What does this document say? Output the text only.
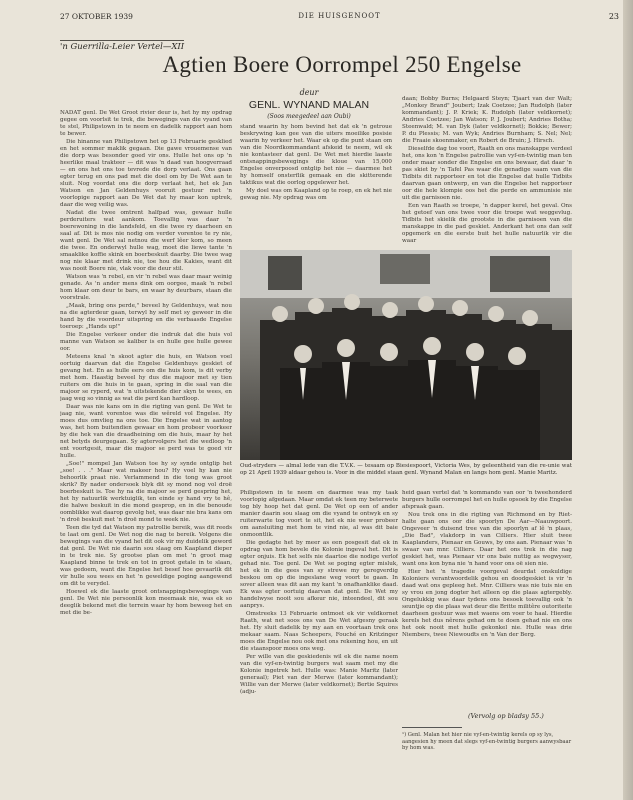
27 OKTOBER 1939	DIE HUISGENOOT	23
'n Guerrilla-Leier Vertel—XII
Agtien Boere Oorrompel 250 Engelse
deur
GENL. WYNAND MALAN
(Soos meegedeel aan Oubi)

NADAT genl. De Wet Groot rivier deur is, het hy my opdrag gegee om voorlsit te trek, die bewegings van die vyand van te stel, Philipstown in te neem en dadelik rapport aan hom te bewer.

Die hinanne van Philipstown het op 13 Februarie gesklied en het sommer maklik gegaan. Die gawe vrouemense van die dorp was besonder goed vir ons. Hulle het ons op 'n heerlike maal trakteer — dit was 'n daad van hoogverraad — en ons het ons toe tevrede die dorp verlaat. Ons gaan egter terug en ons pad met die doel om by De Wet aan te sluit. Nog voordat ons die dorp verlaat het, het ek Jan Watson en Jan Geldenhuys vooruit gestuur met 'n voorlopige rapport aan De Wet dat hy maar kon uptrek, daar die weg veilig was.

Nadat die twee omtrent halfpad was, gewaar hulle perderuiters wat aankom. Toevallig was daar 'n boerewoning in die landsfeld, en die twee ry daarheen en saal af. Dit is mos nie nodig om verder vorentoe te ry nie, want genl. De Wet sal netnou die werf lêer kom, so meen die twee. En onderwyl hulle wag, moet die liewe tante 'n smaaklike koffie skink en boerbeskuit daarby. Die twee wag nog nie klaar met drink nie, toe hou die Kakies, want dit was nooit Boere nie, vlak voor die deur stil.

Watson was 'n rebel, en vir 'n rebel was daar maar weinig genade. As 'n ander mens dink om oorgee, maak 'n rebel hom klaar om deur te bars, en waar hy deurbars, staan die voorstrale.

„Maak, bring ons perde," beveel hy Geldenhuys, wat nou na die agterdeur gaan, terwyl hy self met sy geweer in die hand by die voordeur uitspring en die verbaasde Engelse toeroep: „Hands up!"

Die Engelse verkeer onder die indruk dat die huis vol manne van Watson se kaliber is en hulle gee hulle gewee oor.

Meteens knal 'n skoot agter die huis, en Watson voel oortuig daarvan dat die Engelse Geldenhuys geskiet of gevang het. En as hulle eers om die huis kom, is dit verby met hom. Haastig beveel hy dus die majoor met sy tien ruiters om die huis in te gaan, spring in die saal van die majoor se ryperd, wat 'n uitstekende dier skyn te wees, en jaag weg so vinnig as wat die perd kan hardloop.

Daar was nie kans om in die rigting van genl. De Wet te jaag nie, want vorentoe was die wêreld vol Engelse. Hy moes dus omvlieg na ons toe. Die Engelse wat in aantog was, het hom buitendien gewaar en hom probeer voorkeer by die hek van die draadheining om die huis, maar hy het net betyds deurgegaan. Sy agtervolgers het die wedloop 'n ent voortgesit, maar die majoor se perd was te goed vir hulle.

„Soe!" mompel Jan Watson toe hy sy synde ontglip het „soe! . . ." Maar wat makeer hou? Hy voel hy kan nie behoorlik praat nie. Verlammend in die tong was groot skrik? By nader ondersoek blyk dit sy mond nog vol droë boerbeskuit is. Toe hy na die majoor se perd gespring het, het hy natuurlik werktuiglik, ten einde sy hand vry te hê, die halwe beskuit in die mond gesprop, en in die benoude oomblikke wat daarop gevolg het, was daar nie bra kans om 'n droë beskuit met 'n droë mond te week nie.

Teen die tyd dat Watson my patrollie bereik, was dit reeds te laat om genl. De Wet nog die nag te bereik. Volgens die bewegings van die vyand het dit ook vir my duidelik geword dat genl. De Wet nie daarin sou slaag om Kaapland dieper in te trek nie. Sy grootse plan om met 'n groot mag Kaapland binne te trek en tot in groot getale in te slaan, was gedoem, want die Engelse het besef hoe gevaarlik dit vir hulle sou wees en het 'n geweldige poging aangewend om dit te verydel.

Hoewel ek die laaste groot ontsnappingsbewegings van genl. De Wet nie persoonlik kon meemaak nie, was ek so deeglik bekend met die terrein waar hy hom beweeg het en met die be-

stand waarin hy hom bevind het dat ek 'n getroue beskrywing kan gee van die uiters moeilike posisie waarin hy verkeer het. Waar ek op die punt staan om van die Noordkommandant afskeid te neem, wil ek nie kontasteer dat genl. De Wet met hierdie laaste ontsnappingsbewegings die kloue van 15,000 Engelse onverpoosd ontglip het nie — daarmee het hy homself onsterflik gemaak en die skitterende taktikus wat die oorlog opgelewer het.

My doel was om Kaapland op te roep, en ek het nie gewag nie. My opdrag was om

daan; Bobby Burns; Helgaard Steyn; Tjaart van der Walt; „Monkey Brand" Joubert; Izak Coetzee; Jan Rudolph (later kommandant); J. P. Kriek; K. Rudolph (later veldkornet); Andries Coetzee; Jan Watson; P. J. Joubert; Andries Botha; Steenwald; M. van Dyk (later veldkornet); Bokkie; Bewer; P. du Plessis; M. van Wyk; Andries Burnham; S. Nel; Nel; die Fraaie skoenmaker, en Robert de Bruin; J. Hirsch.

Dieselfde dag toe voort, Raath en ons manskappe verdeel het, ons kon 'n Engelse patrollie van vyf-en-twintig man ten onder maar sonder die Engelse en ons bewaar, dat daar 'n pas skiet by 'n Tafel Pas waar die genadige saam van die Tidbits dit rapporteer en tot die Engelse dat hulle Tidbits daarvan gaan ontwerp, en van die Engelse het rapporteer oor die hele klompie oos het die perde en ammunisie nie uit die garnisoen nie.

Een van Raath se troepe, 'n dapper kerel, het geval. Ons het getoef van ons twee voor die troepe wat weggevlug. Tidbits het skielik die grootste in die garnisoen van die manskappe in die pad geskiet. Anderkant het ons dan self opgemerk en die eerste buit het hulle natuurlik vir die waar

Oud-stryders — almal lede van die T.V.K. — tesaam op Biesiespoort, Victoria Wes, by geleentheid van die re-unie wat op 21 April 1939 aldaar gehou is. Voor in die middel staan genl. Wynand Malan en langs hom genl. Manie Maritz.

Philipstown in te neem en daarmee was my taak voorlopig afgedaan. Maar omdat ek teen my beterwete tog bly hoop het dat genl. De Wet op een of ander manier daarin sou slaag om die vyand te ontwyk en sy ruiterwarte tog voort te sit, het ek nie weer probeer om aansluiting met hom te vind nie, al was dit baie onmoontlik.

Die gedagte het by meer as een posgesit dat ek in opdrag van hom bevele die Kolonie ingeval het. Dit is egter onjuis. Ek het selfs nie daartoe die nodige verlof gehad nie. Toe genl. De Wet se poging egter misluk, het ek in die gees van sy strewe my geregverdig beskou om op die ingeslane weg voort te gaan. In sover alleen was dit aan my kant 'n onafhanklike daad. Ek was egter oortuig daarvan dat genl. De Wet my handelwyse nooit sou afkeur nie, inteendeel, dit sou aanprys.

Omstreeks 13 Februarie ontmoet ek vir veldkornet Raath, wat net soos ons van De Wet afgesny geraak het. Hy sluit dadelik by my aan en voortaan trek ons mekaar saam. Naas Scheepers, Fouché en Kritzinger moes die Engelse nou ook met ons rekening hou, en uit die staanspoor moes ons weg.

Per wille van die geskiedenis wil ek die name noem van die vyf-en-twintig burgers wat saam met my die Kolonie ingetrek het. Hulle was: Manie Maritz (later generaal); Piet van der Merwe (later kommandant); Willie van der Merwe (later veldkornet); Bertie Squires (adju-

heid gaan vertel dat 'n kommando van oor 'n tweehonderd burgers hulle oorrompel het en hulle opsoek by die Engelse afspraak gaan.

Nou trek ons in die rigting van Richmond en by Riet-halte gaan ons oor die spoorlyn De Aar—Naauwpoort. Ongeveer 'n duisend tree van die spoorlyn af lê 'n plaas, „Die Bad", vlakdorp in van Cilliers. Hier sluit twee Kaaplanders, Pienaar en Gouws, by ons aan. Pienaar was 'n swaar van mnr. Cilliers. Daar het ons trek in die nag geskiet het, was Pienaar vir ons baie nuttig as wegwyser, want ons kon byna nie 'n hand voor ons oë sien nie.

Hier het 'n tragedie voorgeval deurdat onskuldige Koloniers verantwoordelik gehou en doodgeskiet is vir 'n daad wat ons gepleeg het. Mnr. Cilliers was nie tuis nie en sy vrou en jong dogter het alleen op die plaas agtergebly. Ongelukkig was daar tydens ons besoek toevallig ook 'n seuntjie op die plaas wat deur die Britte militêre outoriteite daarheen gestuur was met waens om voer te haal. Hierdie kerels het dus nêrens gehad om te doen gehad nie en ons het ook nooit met hulle gekonkel nie. Hulle was drie Niembers, twee Niewoudts en 'n Van der Berg.

(Vervolg op bladsy 55.)
¹) Genl. Malan het hier nie vyf-en-twintig kerels op sy lys, aangesien hy meen dat slegs vyf-en-twintig burgers aanwysbaar by hom was.
